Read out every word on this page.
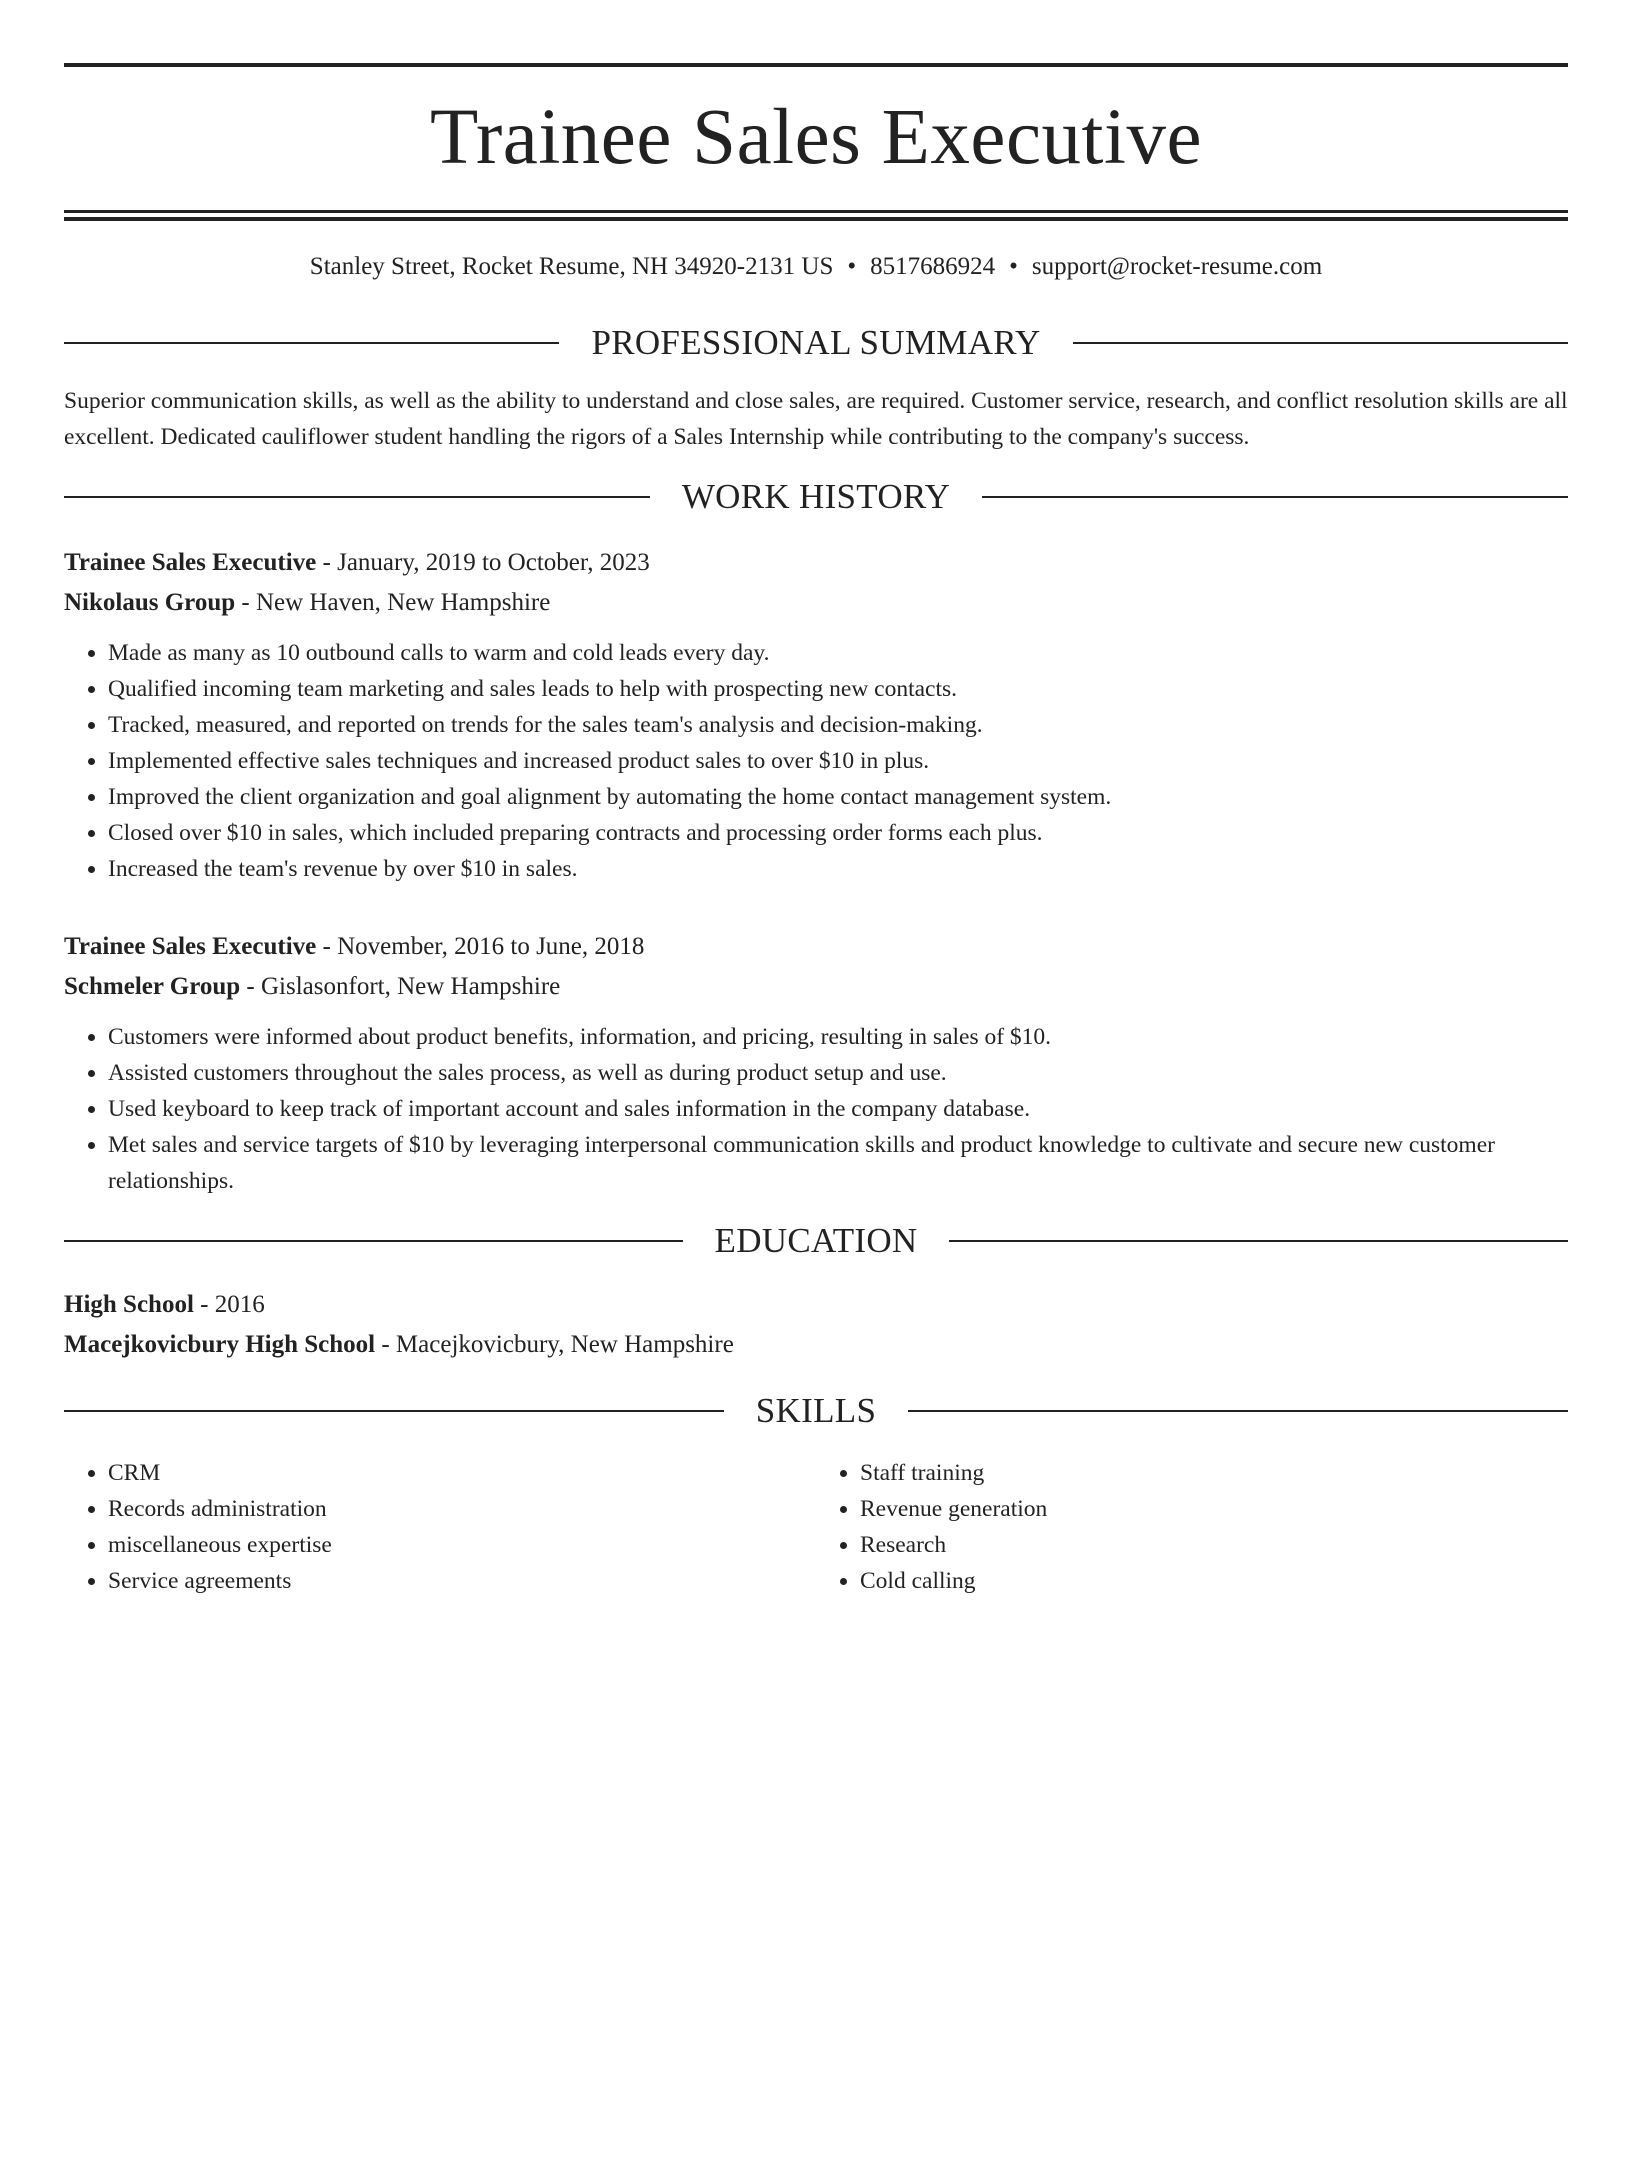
Trainee Sales Executive
Stanley Street, Rocket Resume, NH 34920-2131 US • 8517686924 • support@rocket-resume.com
PROFESSIONAL SUMMARY
Superior communication skills, as well as the ability to understand and close sales, are required. Customer service, research, and conflict resolution skills are all excellent. Dedicated cauliflower student handling the rigors of a Sales Internship while contributing to the company's success.
WORK HISTORY
Trainee Sales Executive - January, 2019 to October, 2023
Nikolaus Group - New Haven, New Hampshire
• Made as many as 10 outbound calls to warm and cold leads every day.
• Qualified incoming team marketing and sales leads to help with prospecting new contacts.
• Tracked, measured, and reported on trends for the sales team's analysis and decision-making.
• Implemented effective sales techniques and increased product sales to over $10 in plus.
• Improved the client organization and goal alignment by automating the home contact management system.
• Closed over $10 in sales, which included preparing contracts and processing order forms each plus.
• Increased the team's revenue by over $10 in sales.
Trainee Sales Executive - November, 2016 to June, 2018
Schmeler Group - Gislasonfort, New Hampshire
• Customers were informed about product benefits, information, and pricing, resulting in sales of $10.
• Assisted customers throughout the sales process, as well as during product setup and use.
• Used keyboard to keep track of important account and sales information in the company database.
• Met sales and service targets of $10 by leveraging interpersonal communication skills and product knowledge to cultivate and secure new customer relationships.
EDUCATION
High School - 2016
Macejkovicbury High School - Macejkovicbury, New Hampshire
SKILLS
• CRM
• Records administration
• miscellaneous expertise
• Service agreements
• Staff training
• Revenue generation
• Research
• Cold calling
